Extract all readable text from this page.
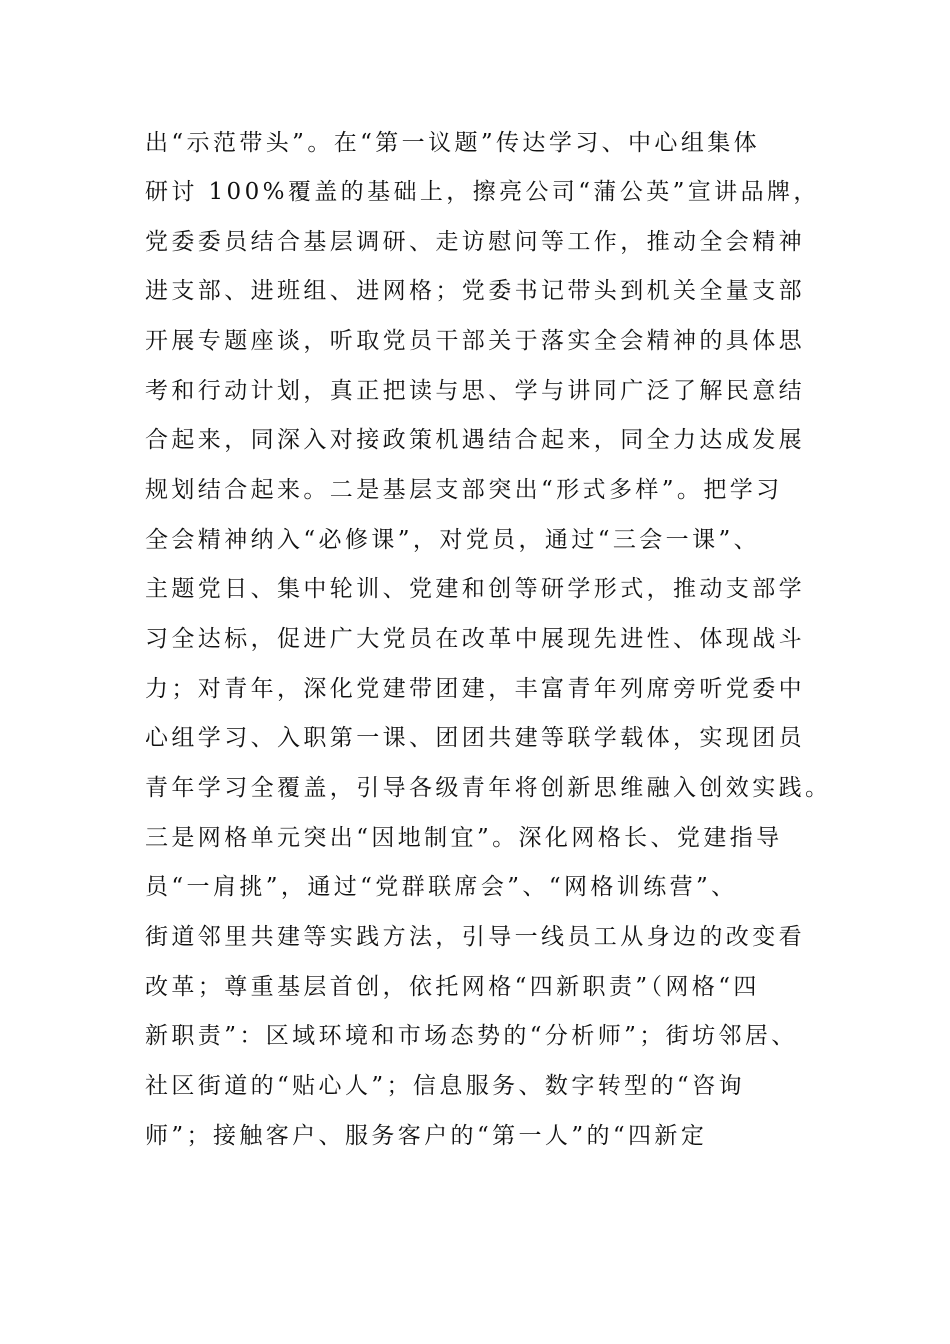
出“示范带头”。在“第一议题”传达学习、中心组集体
研讨 100%覆盖的基础上，擦亮公司“蒲公英”宣讲品牌，
党委委员结合基层调研、走访慰问等工作，推动全会精神
进支部、进班组、进网格；党委书记带头到机关全量支部
开展专题座谈，听取党员干部关于落实全会精神的具体思
考和行动计划，真正把读与思、学与讲同广泛了解民意结
合起来，同深入对接政策机遇结合起来，同全力达成发展
规划结合起来。二是基层支部突出“形式多样”。把学习
全会精神纳入“必修课”，对党员，通过“三会一课”、
主题党日、集中轮训、党建和创等研学形式，推动支部学
习全达标，促进广大党员在改革中展现先进性、体现战斗
力；对青年，深化党建带团建，丰富青年列席旁听党委中
心组学习、入职第一课、团团共建等联学载体，实现团员
青年学习全覆盖，引导各级青年将创新思维融入创效实践。
三是网格单元突出“因地制宜”。深化网格长、党建指导
员“一肩挑”，通过“党群联席会”、“网格训练营”、
街道邻里共建等实践方法，引导一线员工从身边的改变看
改革；尊重基层首创，依托网格“四新职责”（网格“四
新职责”：区域环境和市场态势的“分析师”；街坊邻居、
社区街道的“贴心人”；信息服务、数字转型的“咨询
师”；接触客户、服务客户的“第一人”的“四新定
